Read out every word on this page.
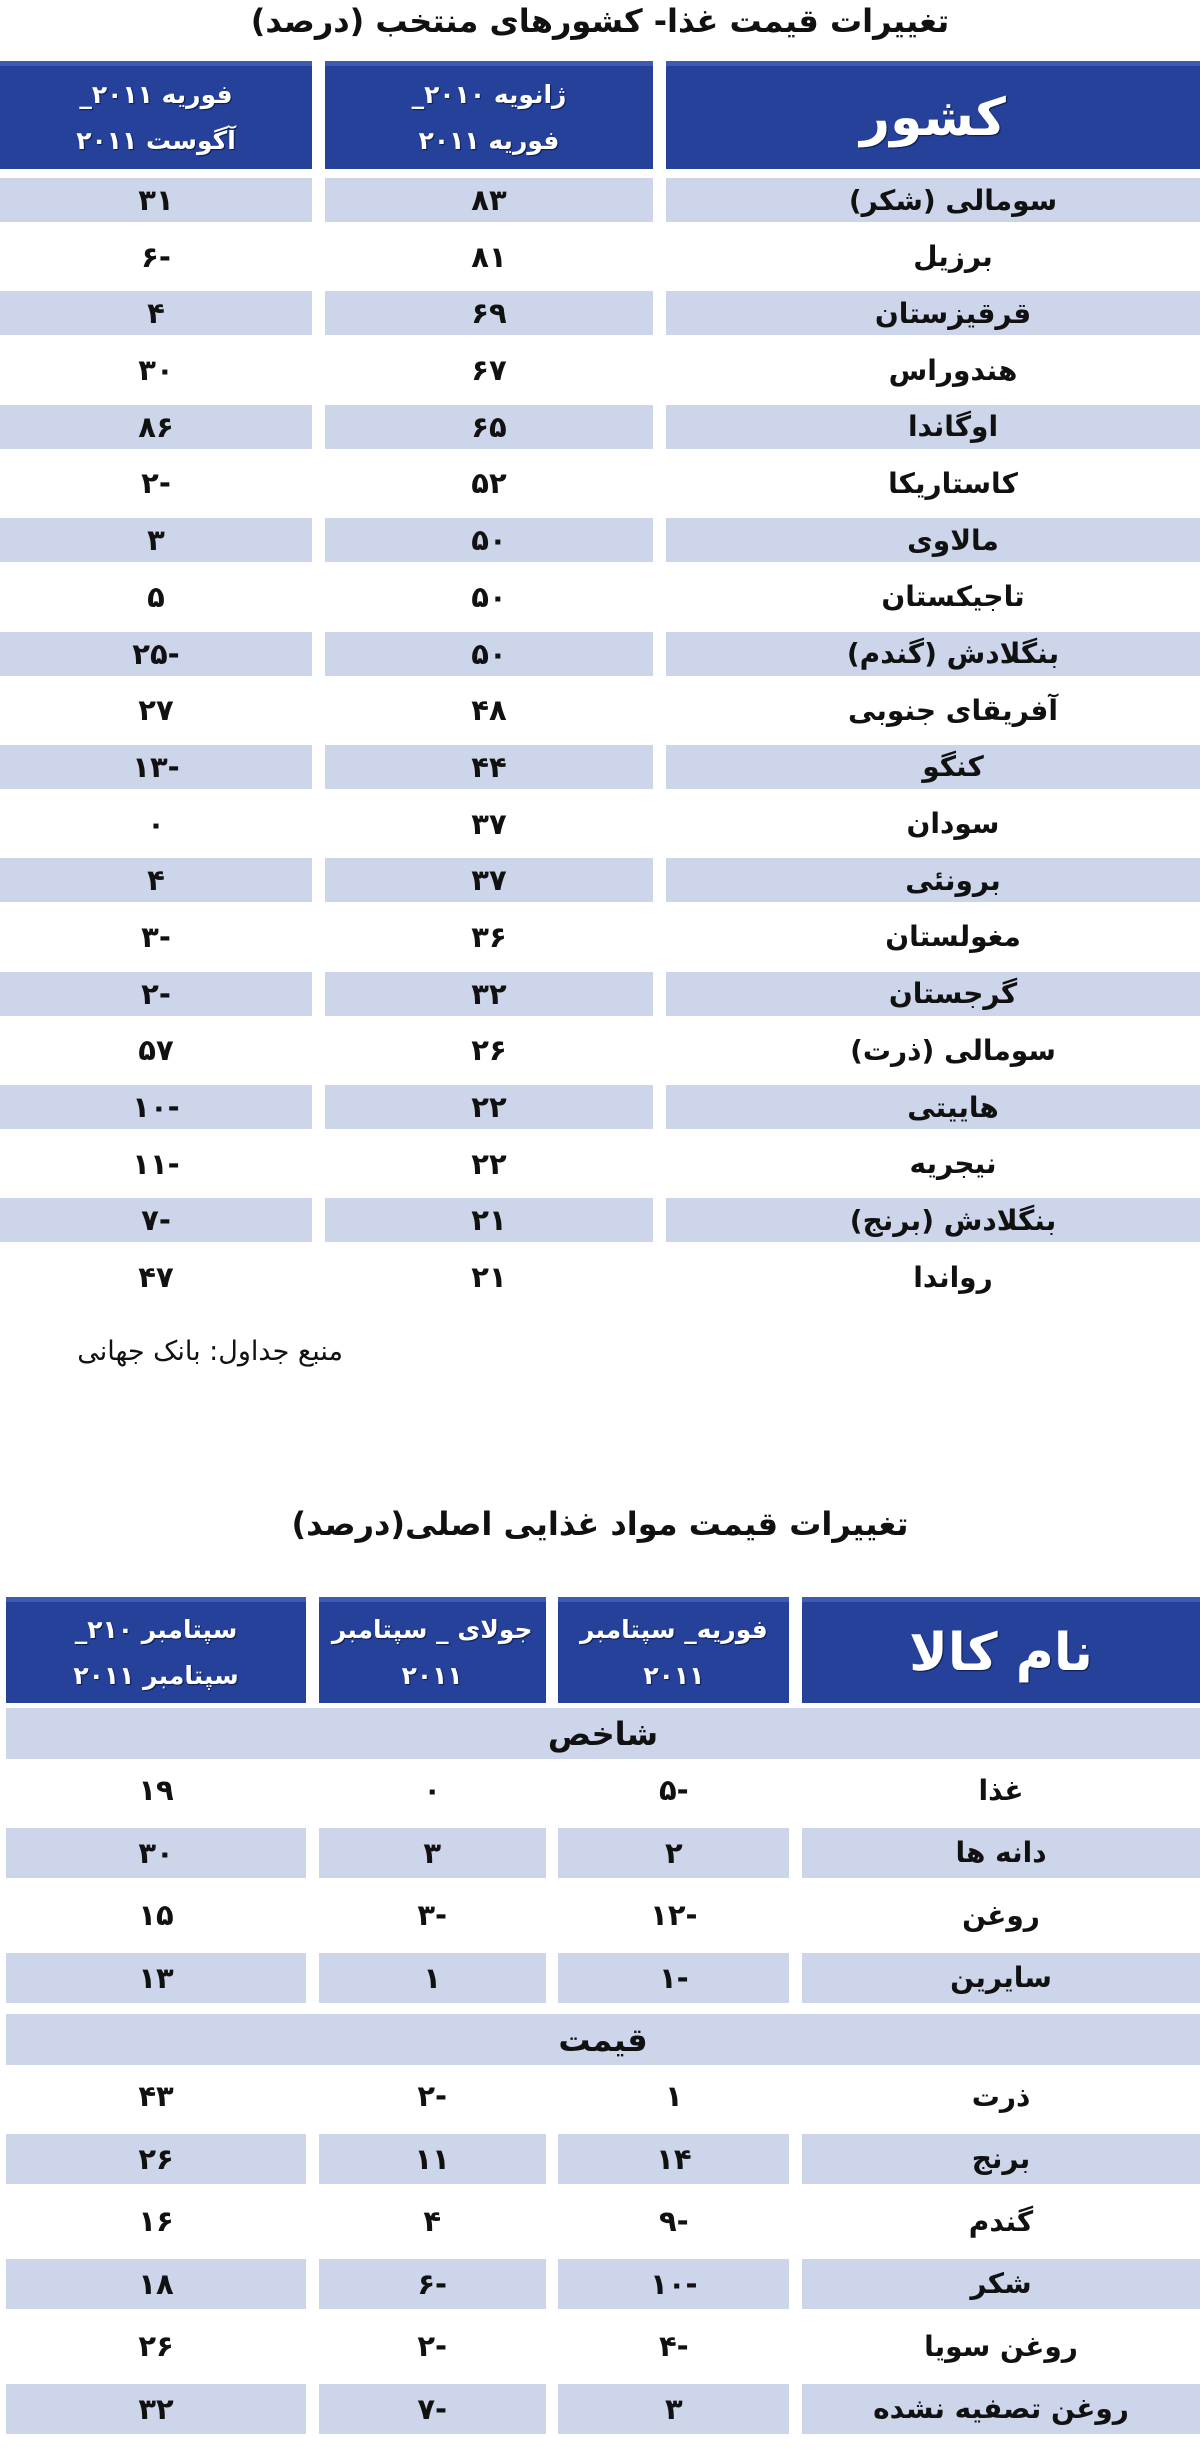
تغییرات قیمت غذا- کشورهای منتخب (درصد)
کشور
ژانویه ۲۰۱۰_
فوریه ۲۰۱۱
فوریه ۲۰۱۱_
آگوست ۲۰۱۱
سومالی (شکر)
۸۳
۳۱
برزیل
۸۱
۶-
قرقیزستان
۶۹
۴
هندوراس
۶۷
۳۰
اوگاندا
۶۵
۸۶
کاستاریکا
۵۲
۲-
مالاوی
۵۰
۳
تاجیکستان
۵۰
۵
بنگلادش (گندم)
۵۰
۲۵-
آفریقای جنوبی
۴۸
۲۷
کنگو
۴۴
۱۳-
سودان
۳۷
۰
برونئی
۳۷
۴
مغولستان
۳۶
۳-
گرجستان
۳۲
۲-
سومالی (ذرت)
۲۶
۵۷
هاییتی
۲۲
۱۰-
نیجریه
۲۲
۱۱-
بنگلادش (برنج)
۲۱
۷-
رواندا
۲۱
۴۷
منبع جداول: بانک جهانی
تغییرات قیمت مواد غذایی اصلی(درصد)
نام کالا
فوریه_ سپتامبر
۲۰۱۱
جولای _ سپتامبر
۲۰۱۱
سپتامبر ۲۱۰_
سپتامبر ۲۰۱۱
شاخص
غذا
۵-
۰
۱۹
دانه ها
۲
۳
۳۰
روغن
۱۲-
۳-
۱۵
سایرین
۱-
۱
۱۳
قیمت
ذرت
۱
۲-
۴۳
برنج
۱۴
۱۱
۲۶
گندم
۹-
۴
۱۶
شکر
۱۰-
۶-
۱۸
روغن سویا
۴-
۲-
۲۶
روغن تصفیه نشده
۳
۷-
۳۲
